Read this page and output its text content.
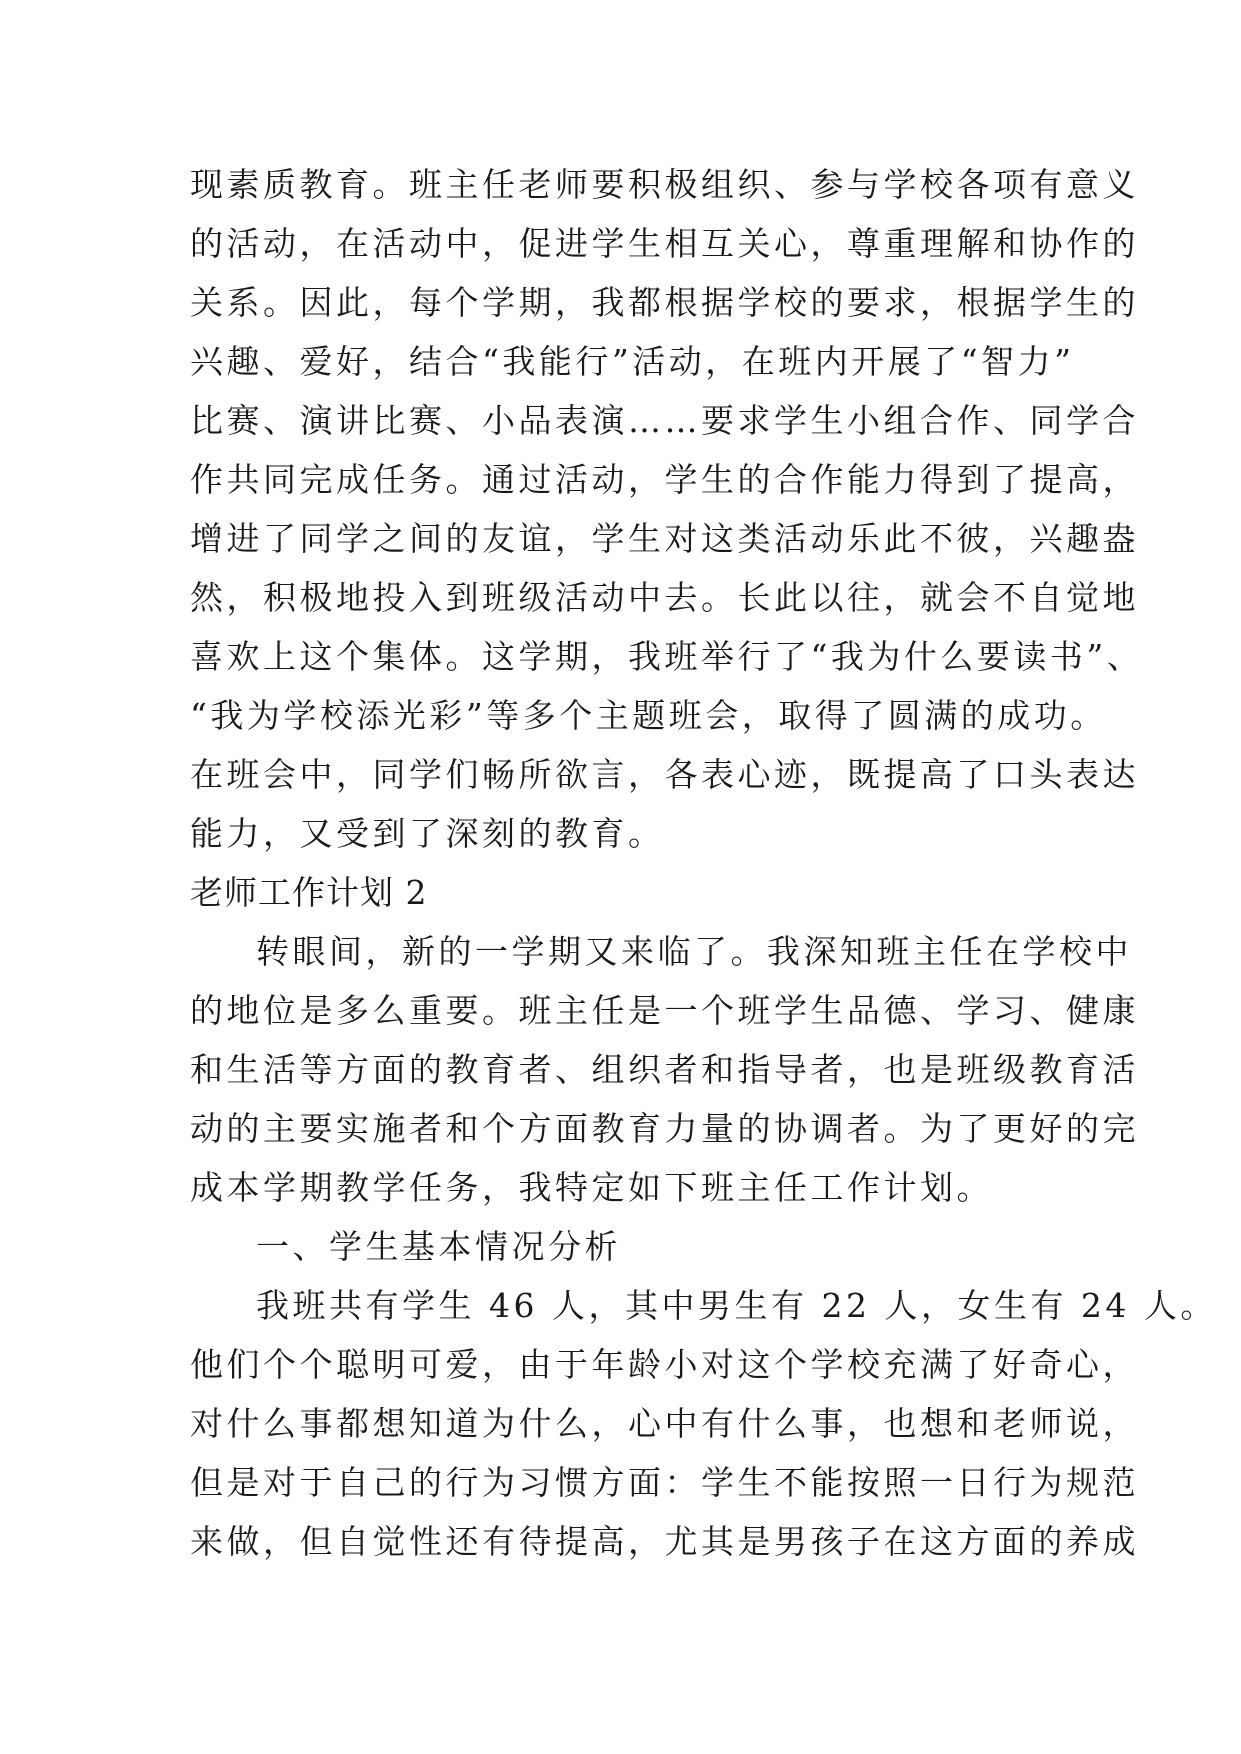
现素质教育。班主任老师要积极组织、参与学校各项有意义
的活动，在活动中，促进学生相互关心，尊重理解和协作的
关系。因此，每个学期，我都根据学校的要求，根据学生的
兴趣、爱好，结合“我能行”活动，在班内开展了“智力”
比赛、演讲比赛、小品表演……要求学生小组合作、同学合
作共同完成任务。通过活动，学生的合作能力得到了提高，
增进了同学之间的友谊，学生对这类活动乐此不彼，兴趣盎
然，积极地投入到班级活动中去。长此以往，就会不自觉地
喜欢上这个集体。这学期，我班举行了“我为什么要读书”、
“我为学校添光彩”等多个主题班会，取得了圆满的成功。
在班会中，同学们畅所欲言，各表心迹，既提高了口头表达
能力，又受到了深刻的教育。
老师工作计划 2
转眼间，新的一学期又来临了。我深知班主任在学校中
的地位是多么重要。班主任是一个班学生品德、学习、健康
和生活等方面的教育者、组织者和指导者，也是班级教育活
动的主要实施者和个方面教育力量的协调者。为了更好的完
成本学期教学任务，我特定如下班主任工作计划。
一、学生基本情况分析
我班共有学生 46 人，其中男生有 22 人，女生有 24 人。
他们个个聪明可爱，由于年龄小对这个学校充满了好奇心，
对什么事都想知道为什么，心中有什么事，也想和老师说，
但是对于自己的行为习惯方面：学生不能按照一日行为规范
来做，但自觉性还有待提高，尤其是男孩子在这方面的养成
